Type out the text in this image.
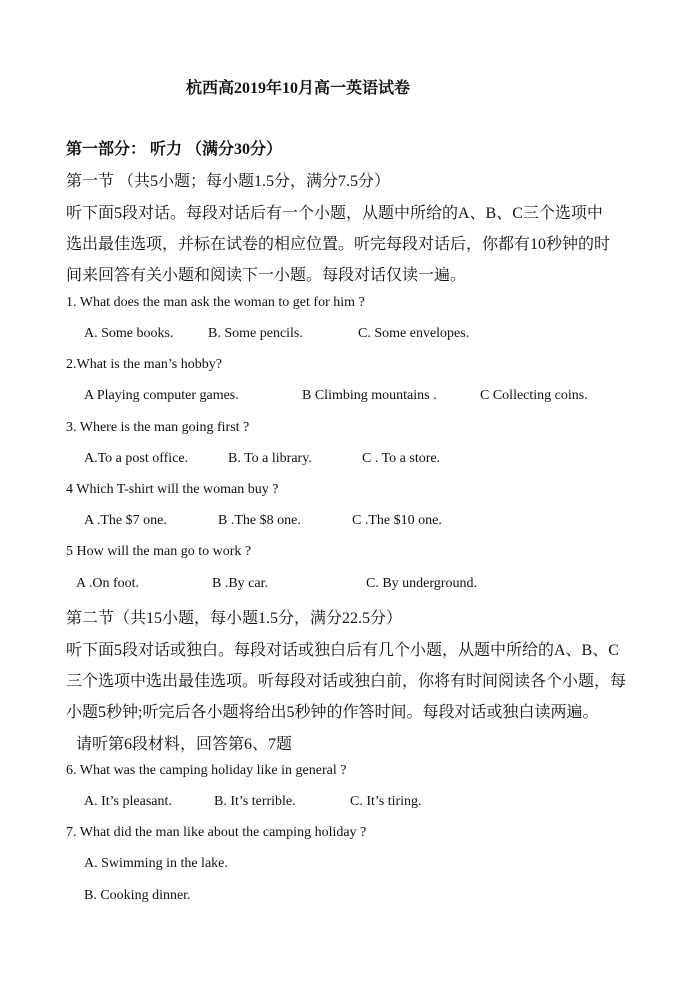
杭西高2019年10月高一英语试卷
第一部分： 听力 （满分30分）
第一节 （共5小题；每小题1.5分，满分7.5分）
听下面5段对话。每段对话后有一个小题，从题中所给的A、B、C三个选项中
选出最佳选项，并标在试卷的相应位置。听完每段对话后，你都有10秒钟的时
间来回答有关小题和阅读下一小题。每段对话仅读一遍。
1. What does the man ask the woman to get for him ?
A. Some books. B. Some pencils.	C. Some envelopes.
2.What is the man’s hobby?
A Playing computer games.	B Climbing mountains .	C Collecting coins.
3. Where is the man going first ?
A.To a post office.	B. To a library.	C . To a store.
4 Which T-shirt will the woman buy ?
A .The $7 one.	B .The $8 one.	C .The $10 one.
5 How will the man go to work ?
A .On foot.	B .By car.	C. By underground.
第二节（共15小题，每小题1.5分，满分22.5分）
听下面5段对话或独白。每段对话或独白后有几个小题，从题中所给的A、B、C
三个选项中选出最佳选项。听每段对话或独白前，你将有时间阅读各个小题，每
小题5秒钟;听完后各小题将给出5秒钟的作答时间。每段对话或独白读两遍。
请听第6段材料，回答第6、7题
6. What was the camping holiday like in general ?
A. It’s pleasant.	B. It’s terrible.	C. It’s tiring.
7. What did the man like about the camping holiday ?
A. Swimming in the lake.
B. Cooking dinner.
